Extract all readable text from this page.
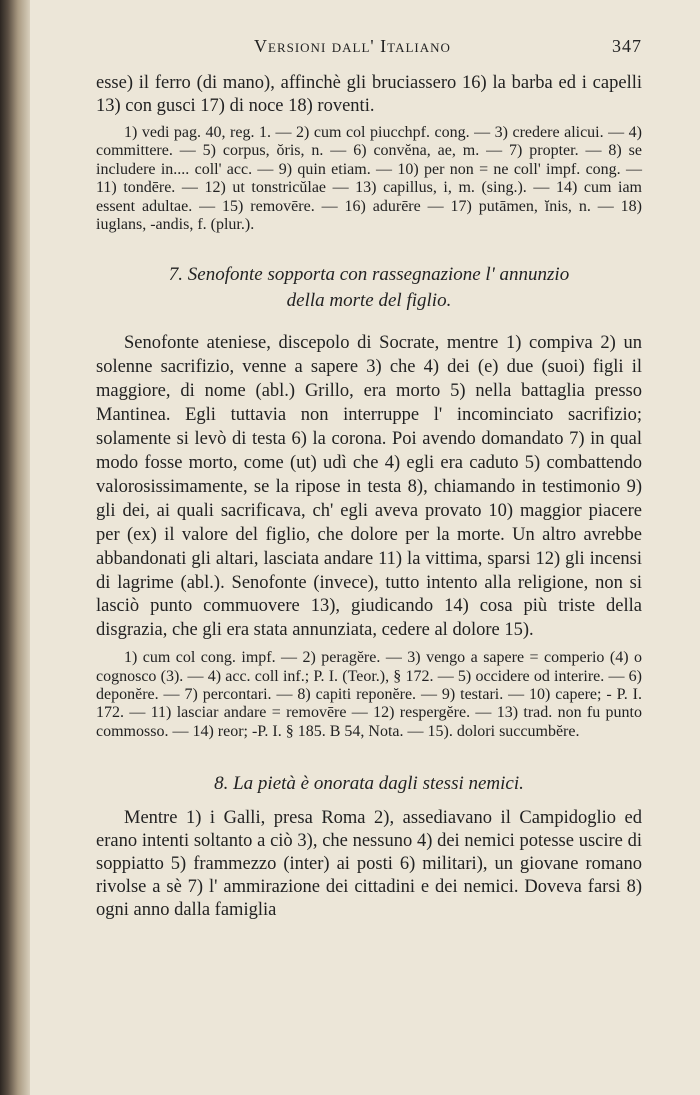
Versioni dall' Italiano	347

esse) il ferro (di mano), affinchè gli bruciassero 16) la barba ed i capelli 13) con gusci 17) di noce 18) roventi.

1) vedi pag. 40, reg. 1. — 2) cum col piucchpf. cong. — 3) credere alicui. — 4) committere. — 5) corpus, ŏris, n. — 6) convĕna, ae, m. — 7) propter. — 8) se includere in.... coll' acc. — 9) quin etiam. — 10) per non = ne coll' impf. cong. — 11) tondēre. — 12) ut tonstricŭlae — 13) capillus, i, m. (sing.). — 14) cum iam essent adultae. — 15) removēre. — 16) adurēre — 17) putāmen, ĭnis, n. — 18) iuglans, -andis, f. (plur.).

7. Senofonte sopporta con rassegnazione l' annunzio
della morte del figlio.

Senofonte ateniese, discepolo di Socrate, mentre 1) compiva 2) un solenne sacrifizio, venne a sapere 3) che 4) dei (e) due (suoi) figli il maggiore, di nome (abl.) Grillo, era morto 5) nella battaglia presso Mantinea. Egli tuttavia non interruppe l' incominciato sacrifizio; solamente si levò di testa 6) la corona. Poi avendo domandato 7) in qual modo fosse morto, come (ut) udì che 4) egli era caduto 5) combattendo valorosissimamente, se la ripose in testa 8), chiamando in testimonio 9) gli dei, ai quali sacrificava, ch' egli aveva provato 10) maggior piacere per (ex) il valore del figlio, che dolore per la morte. Un altro avrebbe abbandonati gli altari, lasciata andare 11) la vittima, sparsi 12) gli incensi di lagrime (abl.). Senofonte (invece), tutto intento alla religione, non si lasciò punto commuovere 13), giudicando 14) cosa più triste della disgrazia, che gli era stata annunziata, cedere al dolore 15).

1) cum col cong. impf. — 2) peragĕre. — 3) vengo a sapere = comperio (4) o cognosco (3). — 4) acc. coll inf.; P. I. (Teor.), § 172. — 5) occidere od interire. — 6) deponĕre. — 7) percontari. — 8) capiti reponĕre. — 9) testari. — 10) capere; - P. I. 172. — 11) lasciar andare = removēre — 12) respergĕre. — 13) trad. non fu punto commosso. — 14) reor; -P. I. § 185. B 54, Nota. — 15). dolori succumbĕre.

8. La pietà è onorata dagli stessi nemici.

Mentre 1) i Galli, presa Roma 2), assediavano il Campidoglio ed erano intenti soltanto a ciò 3), che nessuno 4) dei nemici potesse uscire di soppiatto 5) frammezzo (inter) ai posti 6) militari), un giovane romano rivolse a sè 7) l' ammirazione dei cittadini e dei nemici. Doveva farsi 8) ogni anno dalla famiglia
